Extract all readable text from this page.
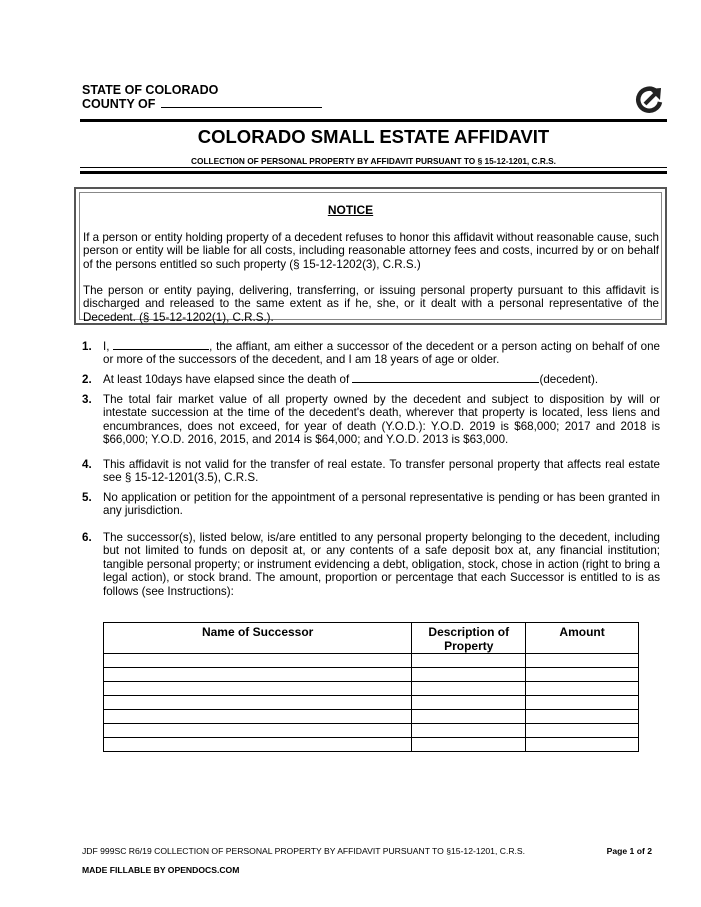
STATE OF COLORADO
COUNTY OF
COLORADO SMALL ESTATE AFFIDAVIT
COLLECTION OF PERSONAL PROPERTY BY AFFIDAVIT PURSUANT TO § 15-12-1201, C.R.S.
NOTICE
If a person or entity holding property of a decedent refuses to honor this affidavit without reasonable cause, such person or entity will be liable for all costs, including reasonable attorney fees and costs, incurred by or on behalf of the persons entitled so such property (§ 15-12-1202(3), C.R.S.)
The person or entity paying, delivering, transferring, or issuing personal property pursuant to this affidavit is discharged and released to the same extent as if he, she, or it dealt with a personal representative of the Decedent. (§ 15-12-1202(1), C.R.S.).
1. I,	, the affiant, am either a successor of the decedent or a person acting on behalf of one or more of the successors of the decedent, and I am 18 years of age or older.
2. At least 10days have elapsed since the death of	(decedent).
3. The total fair market value of all property owned by the decedent and subject to disposition by will or intestate succession at the time of the decedent's death, wherever that property is located, less liens and encumbrances, does not exceed, for year of death (Y.O.D.): Y.O.D. 2019 is $68,000; 2017 and 2018 is $66,000; Y.O.D. 2016, 2015, and 2014 is $64,000; and Y.O.D. 2013 is $63,000.
4. This affidavit is not valid for the transfer of real estate. To transfer personal property that affects real estate see § 15-12-1201(3.5), C.R.S.
5. No application or petition for the appointment of a personal representative is pending or has been granted in any jurisdiction.
6. The successor(s), listed below, is/are entitled to any personal property belonging to the decedent, including but not limited to funds on deposit at, or any contents of a safe deposit box at, any financial institution; tangible personal property; or instrument evidencing a debt, obligation, stock, chose in action (right to bring a legal action), or stock brand. The amount, proportion or percentage that each Successor is entitled to is as follows (see Instructions):
Name of Successor	Description of Property	Amount

JDF 999SC R6/19 COLLECTION OF PERSONAL PROPERTY BY AFFIDAVIT PURSUANT TO §15-12-1201, C.R.S.	Page 1 of 2
MADE FILLABLE BY OPENDOCS.COM
